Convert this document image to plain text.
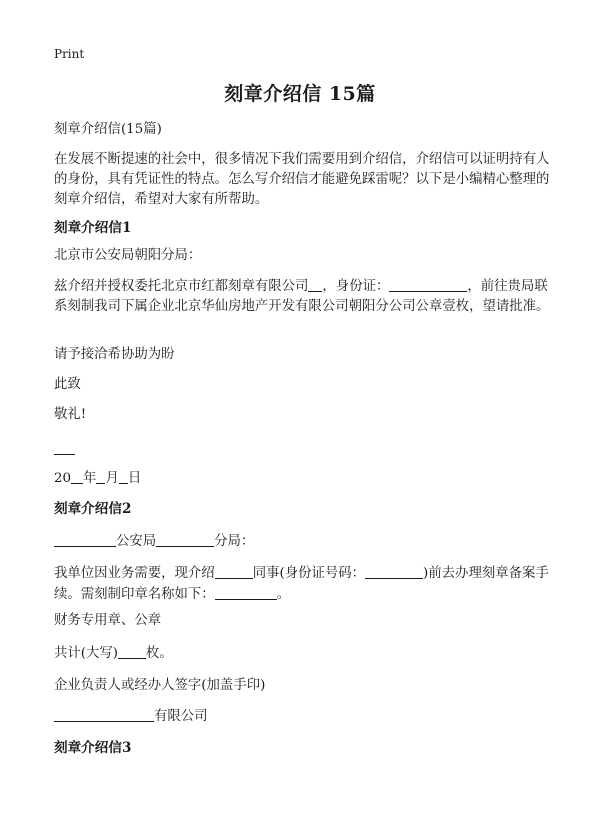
Print
刻章介绍信 15篇

刻章介绍信(15篇)

在发展不断提速的社会中，很多情况下我们需要用到介绍信，介绍信可以证明持有人的身份，具有凭证性的特点。怎么写介绍信才能避免踩雷呢？以下是小编精心整理的刻章介绍信，希望对大家有所帮助。

刻章介绍信1

北京市公安局朝阳分局：

兹介绍并授权委托北京市红都刻章有限公司 ，身份证：	，前往贵局联系刻制我司下属企业北京华仙房地产开发有限公司朝阳分公司公章壹枚，望请批准。

请予接洽希协助为盼

此致

敬礼!

20 年 月 日

刻章介绍信2

公安局	分局：

我单位因业务需要，现介绍	同事(身份证号码：	)前去办理刻章备案手续。需刻制印章名称如下：	。

财务专用章、公章

共计(大写) 枚。

企业负责人或经办人签字(加盖手印)

有限公司

刻章介绍信3
